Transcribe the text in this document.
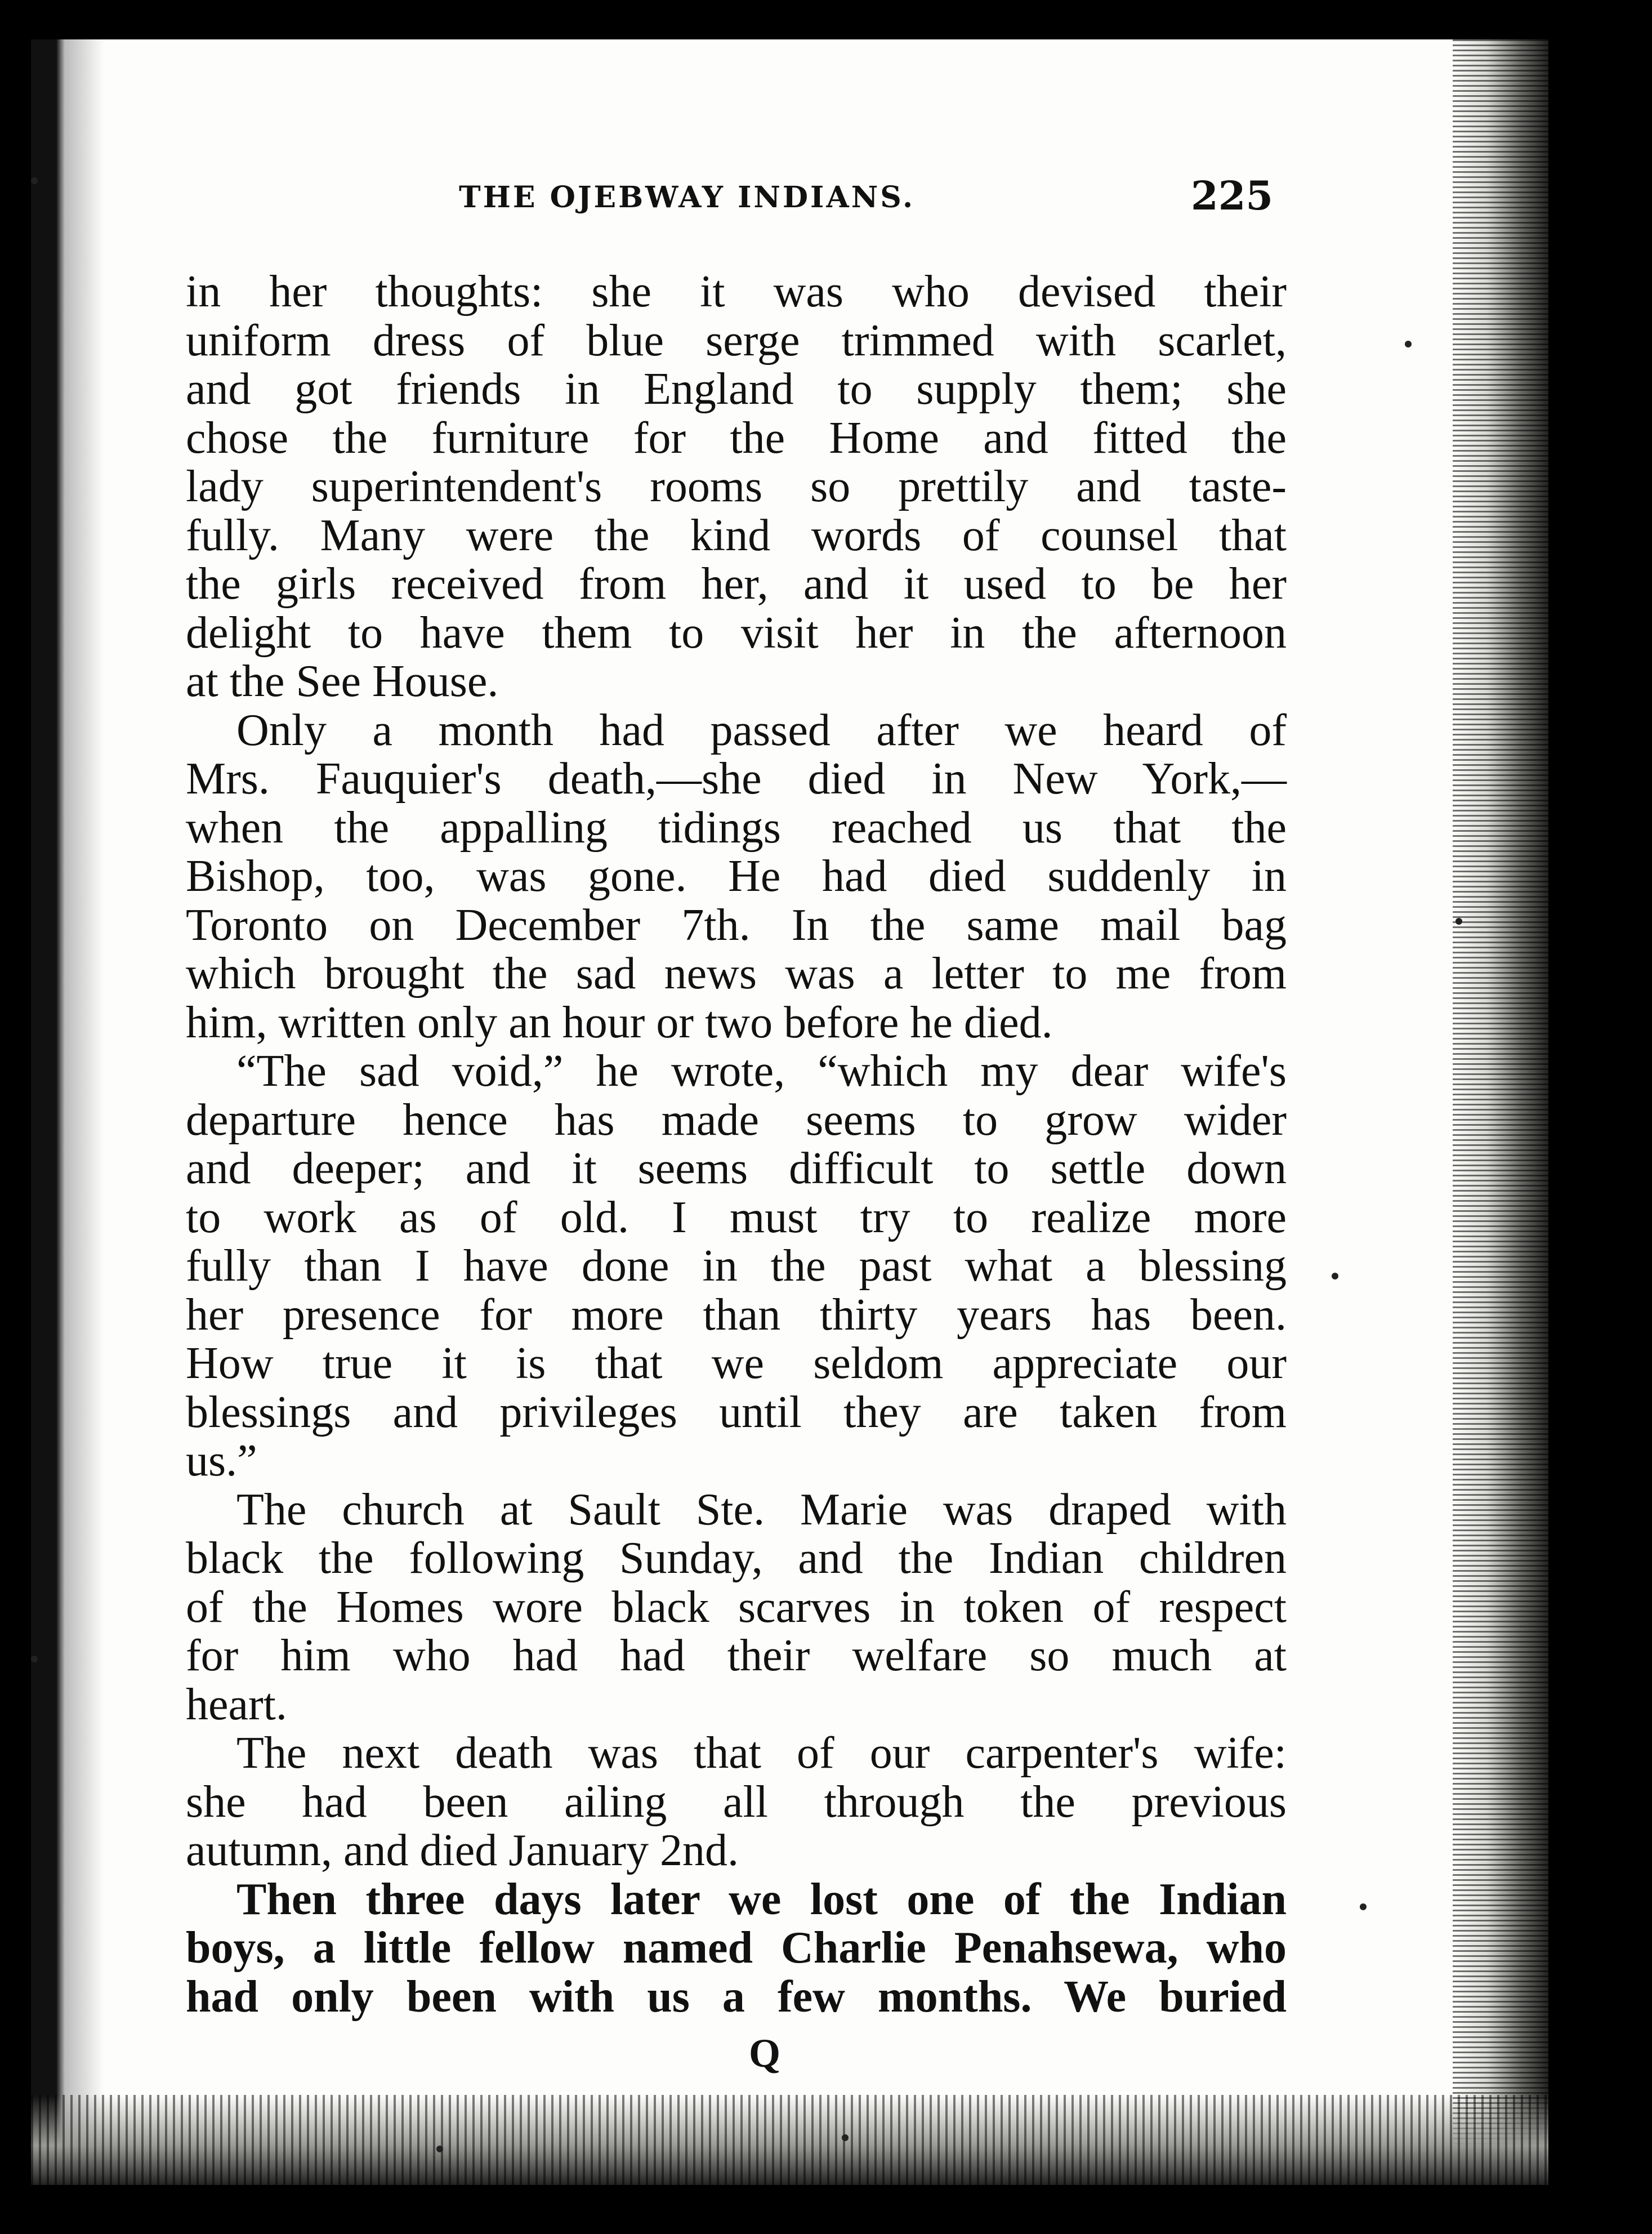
THE OJEBWAY INDIANS.	225
in her thoughts: she it was who devised their
uniform dress of blue serge trimmed with scarlet,
and got friends in England to supply them; she
chose the furniture for the Home and fitted the
lady superintendent's rooms so prettily and taste-
fully. Many were the kind words of counsel that
the girls received from her, and it used to be her
delight to have them to visit her in the afternoon
at the See House.
Only a month had passed after we heard of
Mrs. Fauquier's death,—she died in New York,—
when the appalling tidings reached us that the
Bishop, too, was gone. He had died suddenly in
Toronto on December 7th. In the same mail bag
which brought the sad news was a letter to me from
him, written only an hour or two before he died.
“The sad void,” he wrote, “which my dear wife's
departure hence has made seems to grow wider
and deeper; and it seems difficult to settle down
to work as of old. I must try to realize more
fully than I have done in the past what a blessing
her presence for more than thirty years has been.
How true it is that we seldom appreciate our
blessings and privileges until they are taken from
us.”
The church at Sault Ste. Marie was draped with
black the following Sunday, and the Indian children
of the Homes wore black scarves in token of respect
for him who had had their welfare so much at
heart.
The next death was that of our carpenter's wife:
she had been ailing all through the previous
autumn, and died January 2nd.
Then three days later we lost one of the Indian
boys, a little fellow named Charlie Penahsewa, who
had only been with us a few months. We buried
Q
